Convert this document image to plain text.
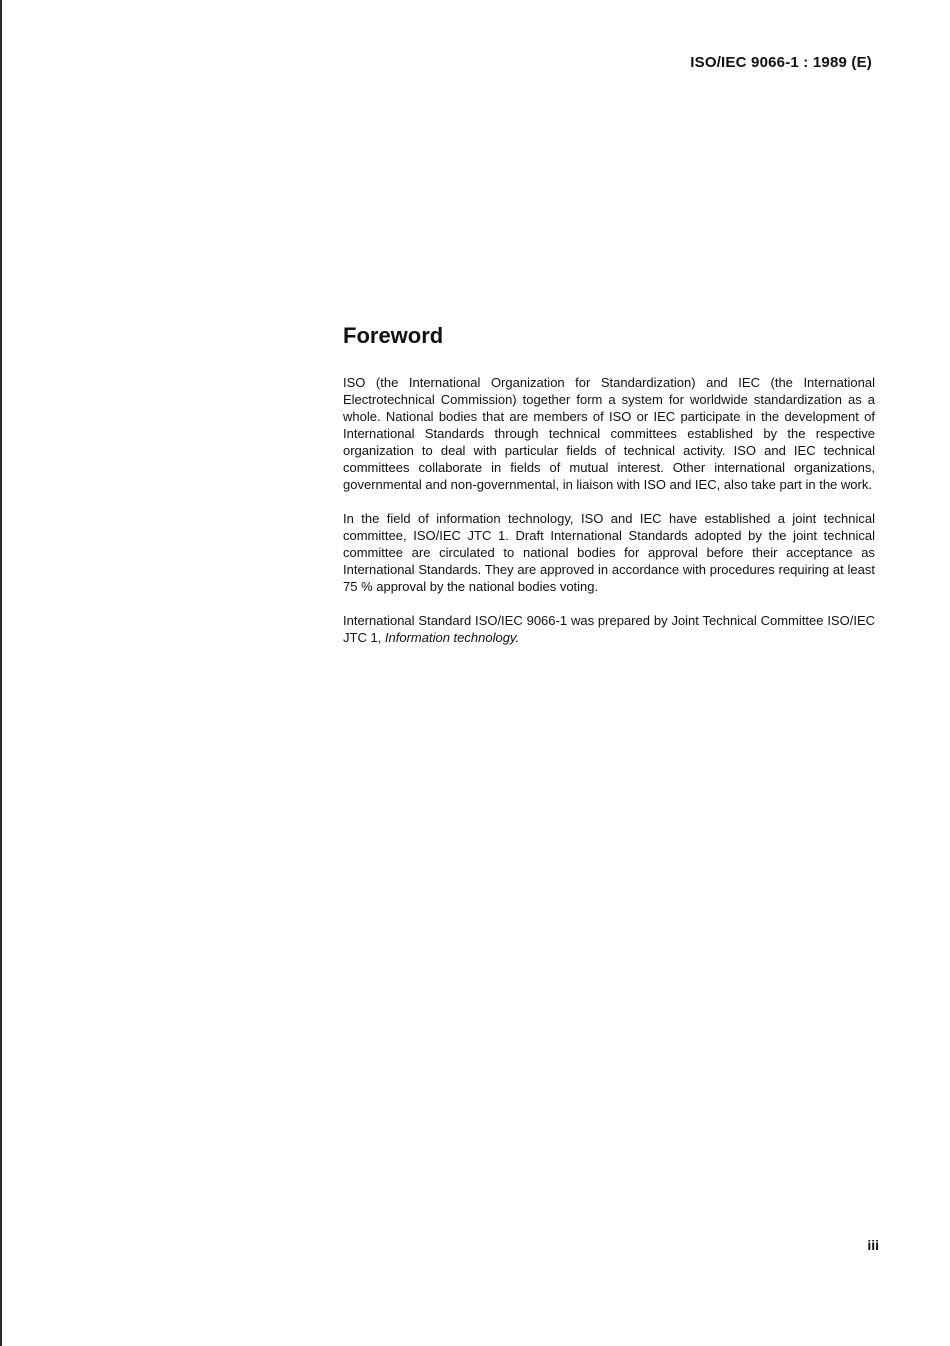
ISO/IEC 9066-1 : 1989 (E)
Foreword

ISO (the International Organization for Standardization) and IEC (the International Electrotechnical Commission) together form a system for worldwide standardization as a whole. National bodies that are members of ISO or IEC participate in the development of International Standards through technical committees established by the respective organization to deal with particular fields of technical activity. ISO and IEC technical committees collaborate in fields of mutual interest. Other international organizations, governmental and non-governmental, in liaison with ISO and IEC, also take part in the work.

In the field of information technology, ISO and IEC have established a joint technical committee, ISO/IEC JTC 1. Draft International Standards adopted by the joint technical committee are circulated to national bodies for approval before their acceptance as International Standards. They are approved in accordance with procedures requiring at least 75 % approval by the national bodies voting.

International Standard ISO/IEC 9066-1 was prepared by Joint Technical Committee ISO/IEC JTC 1, Information technology.

iii
